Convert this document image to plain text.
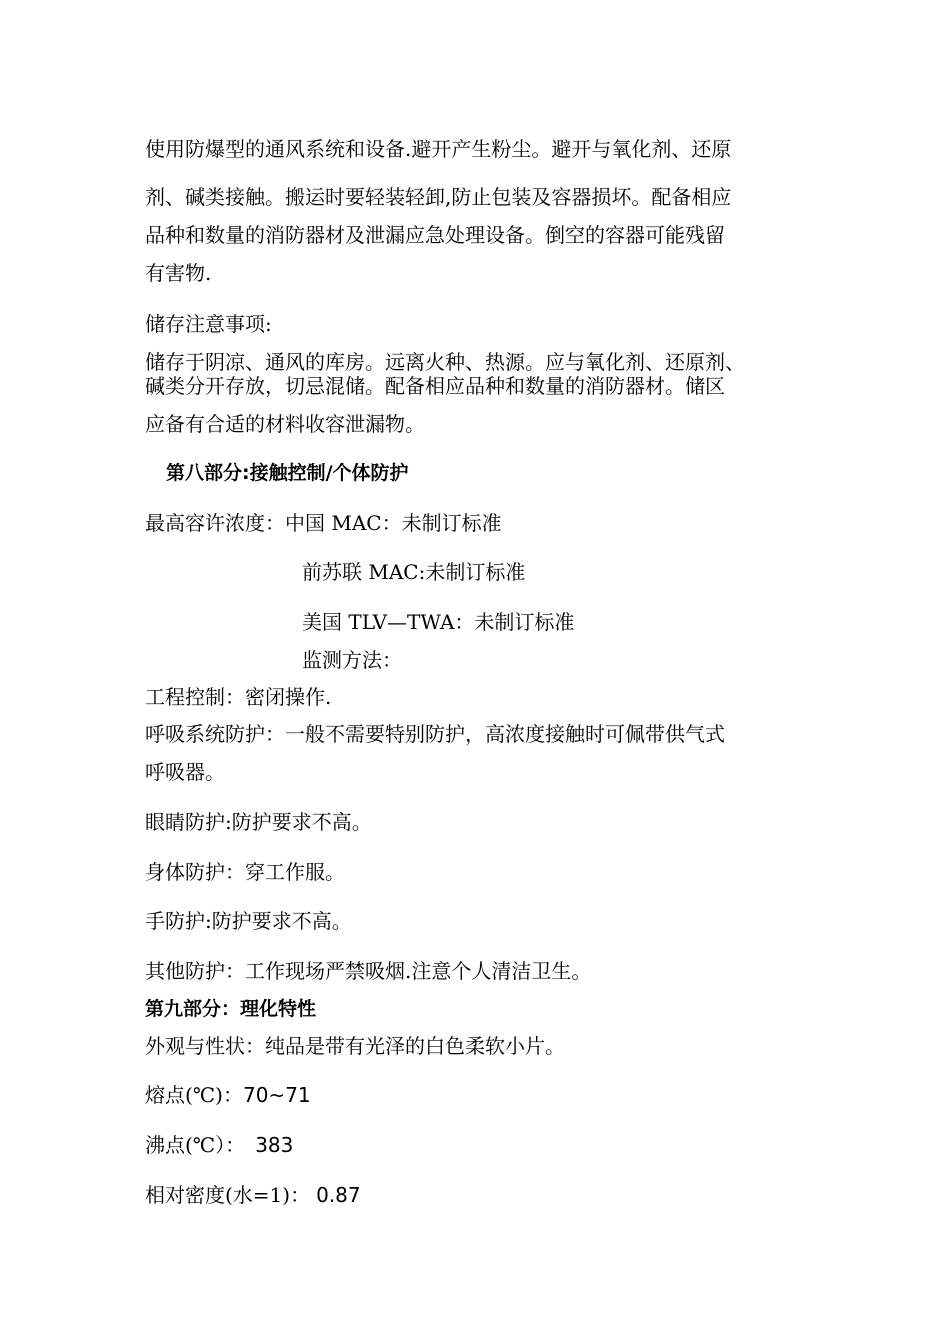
使用防爆型的通风系统和设备.避开产生粉尘。避开与氧化剂、还原
剂、碱类接触。搬运时要轻装轻卸,防止包装及容器损坏。配备相应
品种和数量的消防器材及泄漏应急处理设备。倒空的容器可能残留
有害物.
储存注意事项:
储存于阴凉、通风的库房。远离火种、热源。应与氧化剂、还原剂、
碱类分开存放，切忌混储。配备相应品种和数量的消防器材。储区
应备有合适的材料收容泄漏物。
第八部分:接触控制/个体防护
最高容许浓度：中国 MAC：未制订标准
前苏联 MAC:未制订标准
美国 TLV—TWA：未制订标准
监测方法：
工程控制：密闭操作.
呼吸系统防护：一般不需要特别防护，高浓度接触时可佩带供气式
呼吸器。
眼睛防护:防护要求不高。
身体防护：穿工作服。
手防护:防护要求不高。
其他防护：工作现场严禁吸烟.注意个人清洁卫生。
第九部分：理化特性
外观与性状：纯品是带有光泽的白色柔软小片。
熔点(℃)：70~71
沸点(℃）： 383
相对密度(水=1)： 0.87
